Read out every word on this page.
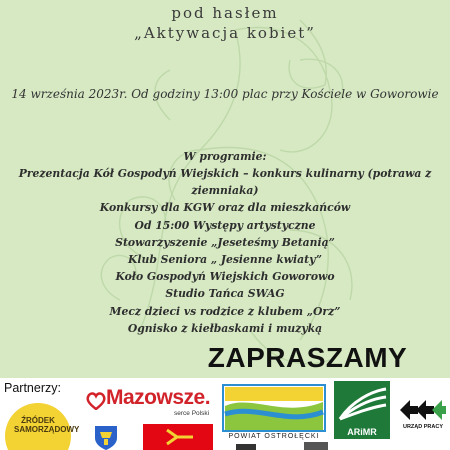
pod hasłem
„Aktywacja kobiet”
14 września 2023r. Od godziny 13:00 plac przy Kościele w Goworowie
W programie:
Prezentacja Kół Gospodyń Wiejskich – konkurs kulinarny (potrawa z ziemniaka)
Konkursy dla KGW oraz dla mieszkańców
Od 15:00 Występy artystyczne
Stowarzyszenie „Jeseteśmy Betanią”
Klub Seniora „ Jesienne kwiaty”
Koło Gospodyń Wiejskich Goworowo
Studio Tańca SWAG
Mecz dzieci vs rodzice z klubem „Orz”
Ognisko z kiełbaskami i muzyką
ZAPRASZAMY
Partnerzy:
ŹRÓDEK SAMORZĄDOWY
Mazowsze.
serce Polski
POWIAT OSTROŁĘCKI	ARiMR	URZĄD PRACY
